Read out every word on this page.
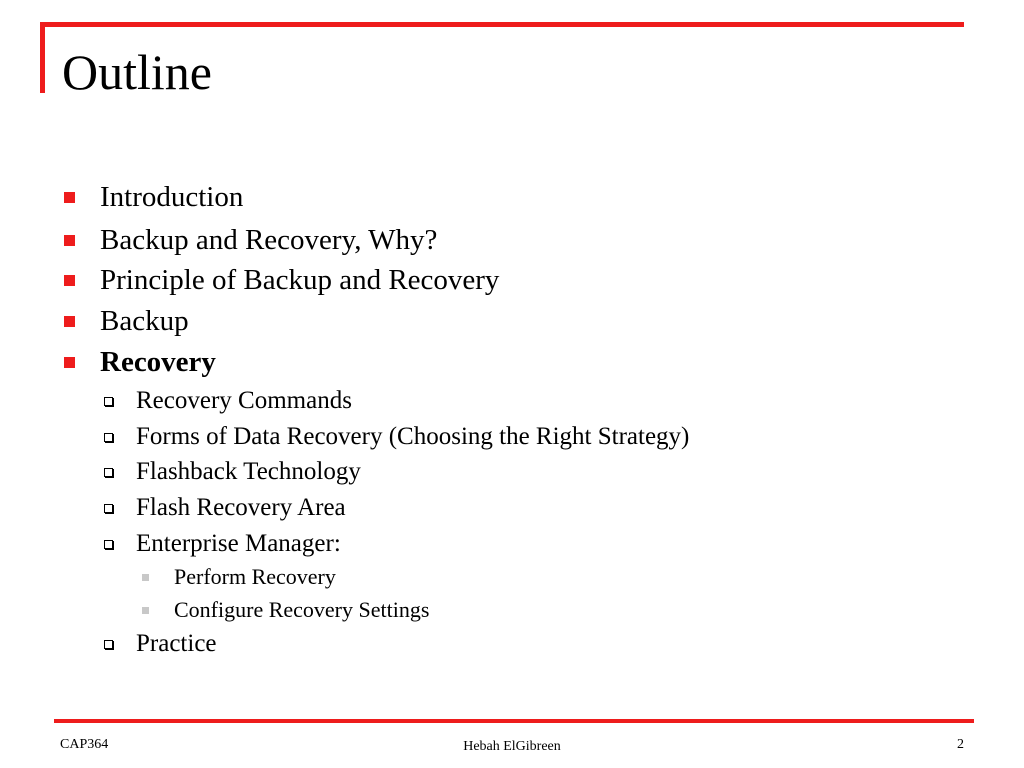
Outline
Introduction
Backup and Recovery, Why?
Principle of Backup and Recovery
Backup
Recovery
Recovery Commands
Forms of Data Recovery (Choosing the Right Strategy)
Flashback Technology
Flash Recovery Area
Enterprise Manager:
Perform Recovery
Configure Recovery Settings
Practice
CAP364	Hebah ElGibreen	2
